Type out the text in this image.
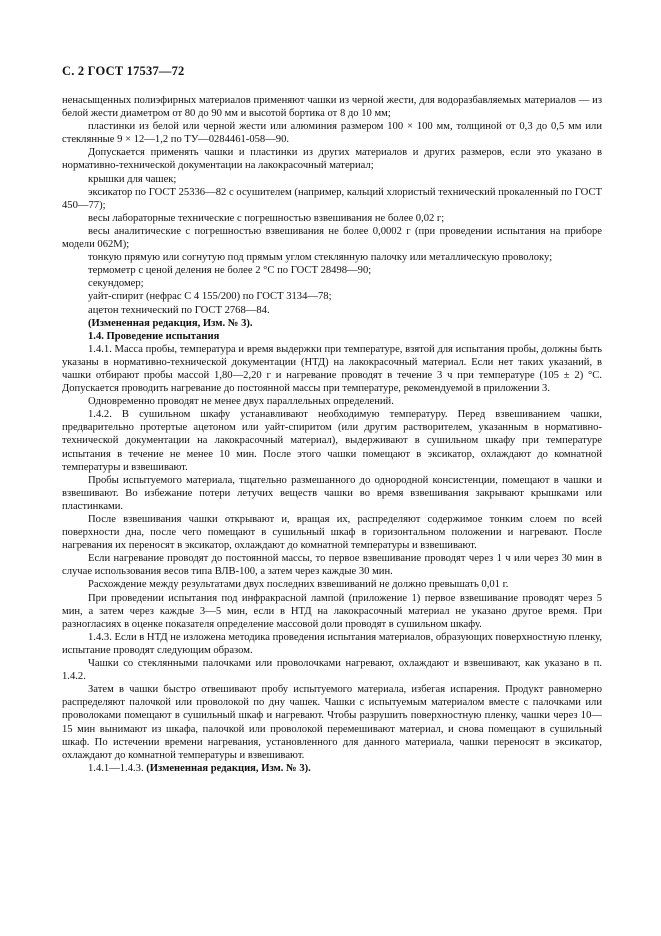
С. 2 ГОСТ 17537—72

ненасыщенных полиэфирных материалов применяют чашки из черной жести, для водоразбавляемых материалов — из белой жести диаметром от 80 до 90 мм и высотой бортика от 8 до 10 мм;

пластинки из белой или черной жести или алюминия размером 100 × 100 мм, толщиной от 0,3 до 0,5 мм или стеклянные 9 × 12—1,2 по ТУ—0284461-058—90.

Допускается применять чашки и пластинки из других материалов и других размеров, если это указано в нормативно-технической документации на лакокрасочный материал;

крышки для чашек;

эксикатор по ГОСТ 25336—82 с осушителем (например, кальций хлористый технический прокаленный по ГОСТ 450—77);

весы лабораторные технические с погрешностью взвешивания не более 0,02 г;

весы аналитические с погрешностью взвешивания не более 0,0002 г (при проведении испытания на приборе модели 062М);

тонкую прямую или согнутую под прямым углом стеклянную палочку или металлическую проволоку;

термометр с ценой деления не более 2 °С по ГОСТ 28498—90;

секундомер;

уайт-спирит (нефрас С 4 155/200) по ГОСТ 3134—78;

ацетон технический по ГОСТ 2768—84.

(Измененная редакция, Изм. № 3).

1.4. Проведение испытания

1.4.1. Масса пробы, температура и время выдержки при температуре, взятой для испытания пробы, должны быть указаны в нормативно-технической документации (НТД) на лакокрасочный материал. Если нет таких указаний, в чашки отбирают пробы массой 1,80—2,20 г и нагревание проводят в течение 3 ч при температуре (105 ± 2) °С. Допускается проводить нагревание до постоянной массы при температуре, рекомендуемой в приложении 3.

Одновременно проводят не менее двух параллельных определений.

1.4.2. В сушильном шкафу устанавливают необходимую температуру. Перед взвешиванием чашки, предварительно протертые ацетоном или уайт-спиритом (или другим растворителем, указанным в нормативно-технической документации на лакокрасочный материал), выдерживают в сушильном шкафу при температуре испытания в течение не менее 10 мин. После этого чашки помещают в эксикатор, охлаждают до комнатной температуры и взвешивают.

Пробы испытуемого материала, тщательно размешанного до однородной консистенции, помещают в чашки и взвешивают. Во избежание потери летучих веществ чашки во время взвешивания закрывают крышками или пластинками.

После взвешивания чашки открывают и, вращая их, распределяют содержимое тонким слоем по всей поверхности дна, после чего помещают в сушильный шкаф в горизонтальном положении и нагревают. После нагревания их переносят в эксикатор, охлаждают до комнатной температуры и взвешивают.

Если нагревание проводят до постоянной массы, то первое взвешивание проводят через 1 ч или через 30 мин в случае использования весов типа ВЛВ-100, а затем через каждые 30 мин.

Расхождение между результатами двух последних взвешиваний не должно превышать 0,01 г.

При проведении испытания под инфракрасной лампой (приложение 1) первое взвешивание проводят через 5 мин, а затем через каждые 3—5 мин, если в НТД на лакокрасочный материал не указано другое время. При разногласиях в оценке показателя определение массовой доли проводят в сушильном шкафу.

1.4.3. Если в НТД не изложена методика проведения испытания материалов, образующих поверхностную пленку, испытание проводят следующим образом.

Чашки со стеклянными палочками или проволочками нагревают, охлаждают и взвешивают, как указано в п. 1.4.2.

Затем в чашки быстро отвешивают пробу испытуемого материала, избегая испарения. Продукт равномерно распределяют палочкой или проволокой по дну чашек. Чашки с испытуемым материалом вместе с палочками или проволоками помещают в сушильный шкаф и нагревают. Чтобы разрушить поверхностную пленку, чашки через 10—15 мин вынимают из шкафа, палочкой или проволокой перемешивают материал, и снова помещают в сушильный шкаф. По истечении времени нагревания, установленного для данного материала, чашки переносят в эксикатор, охлаждают до комнатной температуры и взвешивают.

1.4.1—1.4.3. (Измененная редакция, Изм. № 3).
